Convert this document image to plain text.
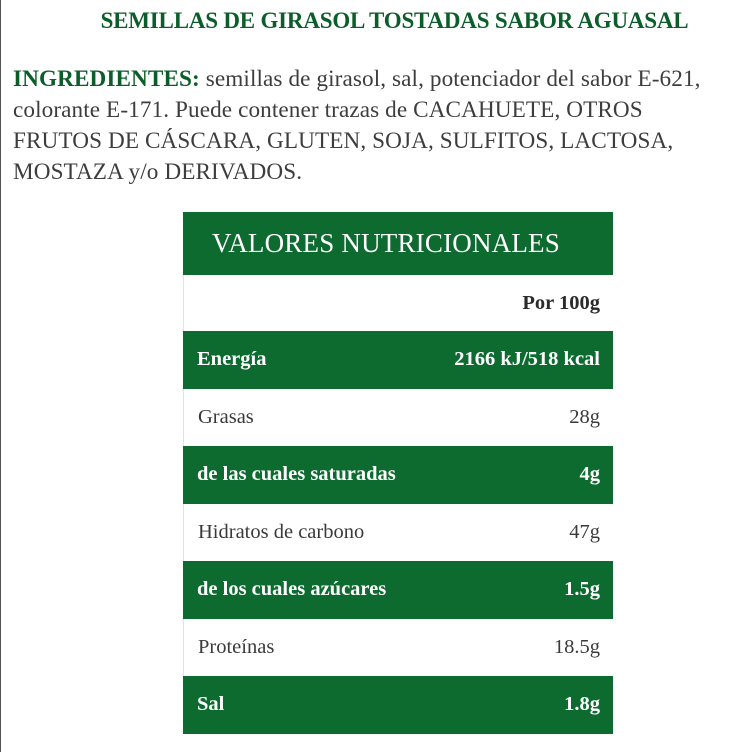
SEMILLAS DE GIRASOL TOSTADAS SABOR AGUASAL
INGREDIENTES: semillas de girasol, sal, potenciador del sabor E-621, colorante E-171. Puede contener trazas de CACAHUETE, OTROS FRUTOS DE CÁSCARA, GLUTEN, SOJA, SULFITOS, LACTOSA, MOSTAZA y/o DERIVADOS.
VALORES NUTRICIONALES
Por 100g
Energía	2166 kJ/518 kcal
Grasas	28g
de las cuales saturadas	4g
Hidratos de carbono	47g
de los cuales azúcares	1.5g
Proteínas	18.5g
Sal	1.8g
